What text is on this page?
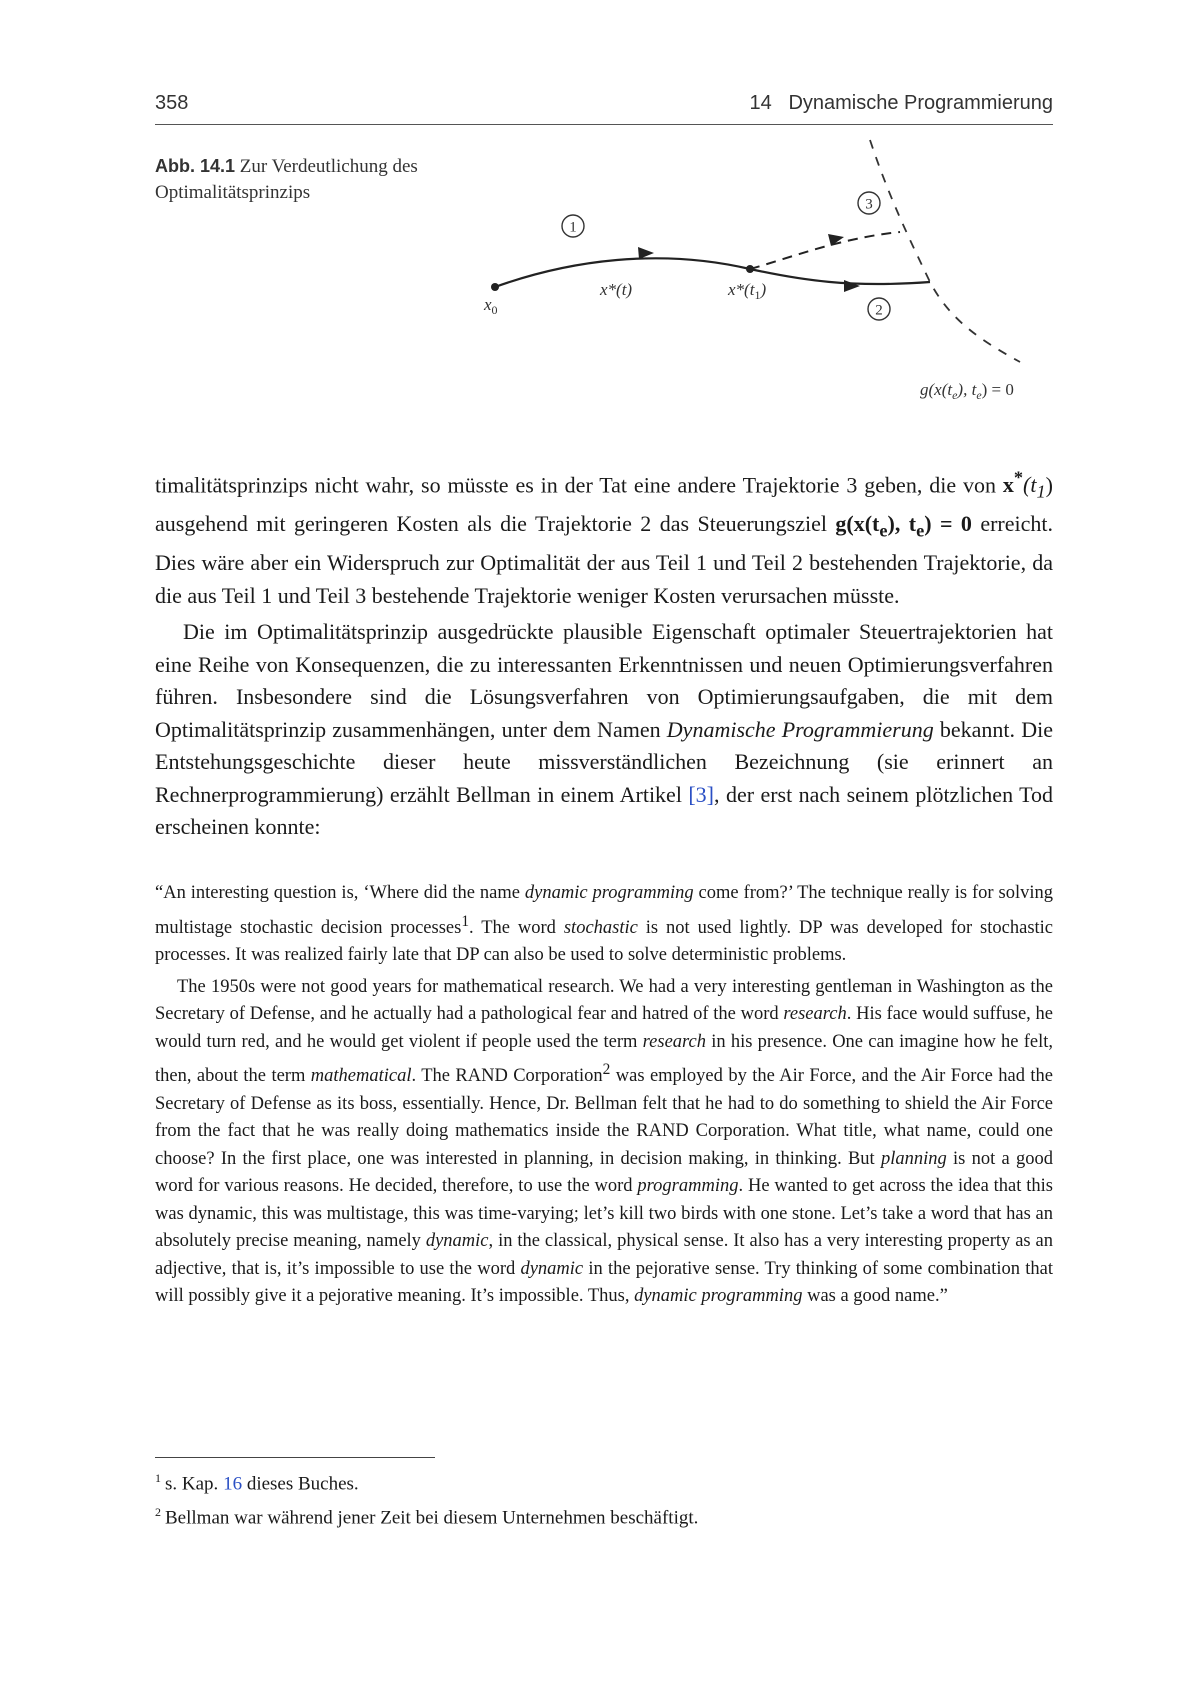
358	14   Dynamische Programmierung
Abb. 14.1 Zur Verdeutlichung des Optimalitätsprinzips
1
3
2
$x_0$
x*(t)	$x*(t_1)$
$g(x(t_e)$, $t_e) = 0$

timalitätsprinzips nicht wahr, so müsste es in der Tat eine andere Trajektorie 3 geben, die von $x^*(t_1)$ ausgehend mit geringeren Kosten als die Trajektorie 2 das Steuerungsziel $g(x(t_e)$, $t_e) = 0$ erreicht. Dies wäre aber ein Widerspruch zur Optimalität der aus Teil 1 und Teil 2 bestehenden Trajektorie, da die aus Teil 1 und Teil 3 bestehende Trajektorie weniger Kosten verursachen müsste.

Die im Optimalitätsprinzip ausgedrückte plausible Eigenschaft optimaler Steuertrajektorien hat eine Reihe von Konsequenzen, die zu interessanten Erkenntnissen und neuen Optimierungsverfahren führen. Insbesondere sind die Lösungsverfahren von Optimierungsaufgaben, die mit dem Optimalitätsprinzip zusammenhängen, unter dem Namen Dynamische Programmierung bekannt. Die Entstehungsgeschichte dieser heute missverständlichen Bezeichnung (sie erinnert an Rechnerprogrammierung) erzählt Bellman in einem Artikel [3], der erst nach seinem plötzlichen Tod erscheinen konnte:

“An interesting question is, ‘Where did the name dynamic programming come from?’ The technique really is for solving multistage stochastic decision processes$^1$. The word stochastic is not used lightly. DP was developed for stochastic processes. It was realized fairly late that DP can also be used to solve deterministic problems.

The 1950s were not good years for mathematical research. We had a very interesting gentleman in Washington as the Secretary of Defense, and he actually had a pathological fear and hatred of the word research. His face would suffuse, he would turn red, and he would get violent if people used the term research in his presence. One can imagine how he felt, then, about the term mathematical. The RAND Corporation$^2$ was employed by the Air Force, and the Air Force had the Secretary of Defense as its boss, essentially. Hence, Dr. Bellman felt that he had to do something to shield the Air Force from the fact that he was really doing mathematics inside the RAND Corporation. What title, what name, could one choose? In the first place, one was interested in planning, in decision making, in thinking. But planning is not a good word for various reasons. He decided, therefore, to use the word programming. He wanted to get across the idea that this was dynamic, this was multistage, this was time-varying; let’s kill two birds with one stone. Let’s take a word that has an absolutely precise meaning, namely dynamic, in the classical, physical sense. It also has a very interesting property as an adjective, that is, it’s impossible to use the word dynamic in the pejorative sense. Try thinking of some combination that will possibly give it a pejorative meaning. It’s impossible. Thus, dynamic programming was a good name.”

$^1$ s. Kap. 16 dieses Buches.
$^2$ Bellman war während jener Zeit bei diesem Unternehmen beschäftigt.
